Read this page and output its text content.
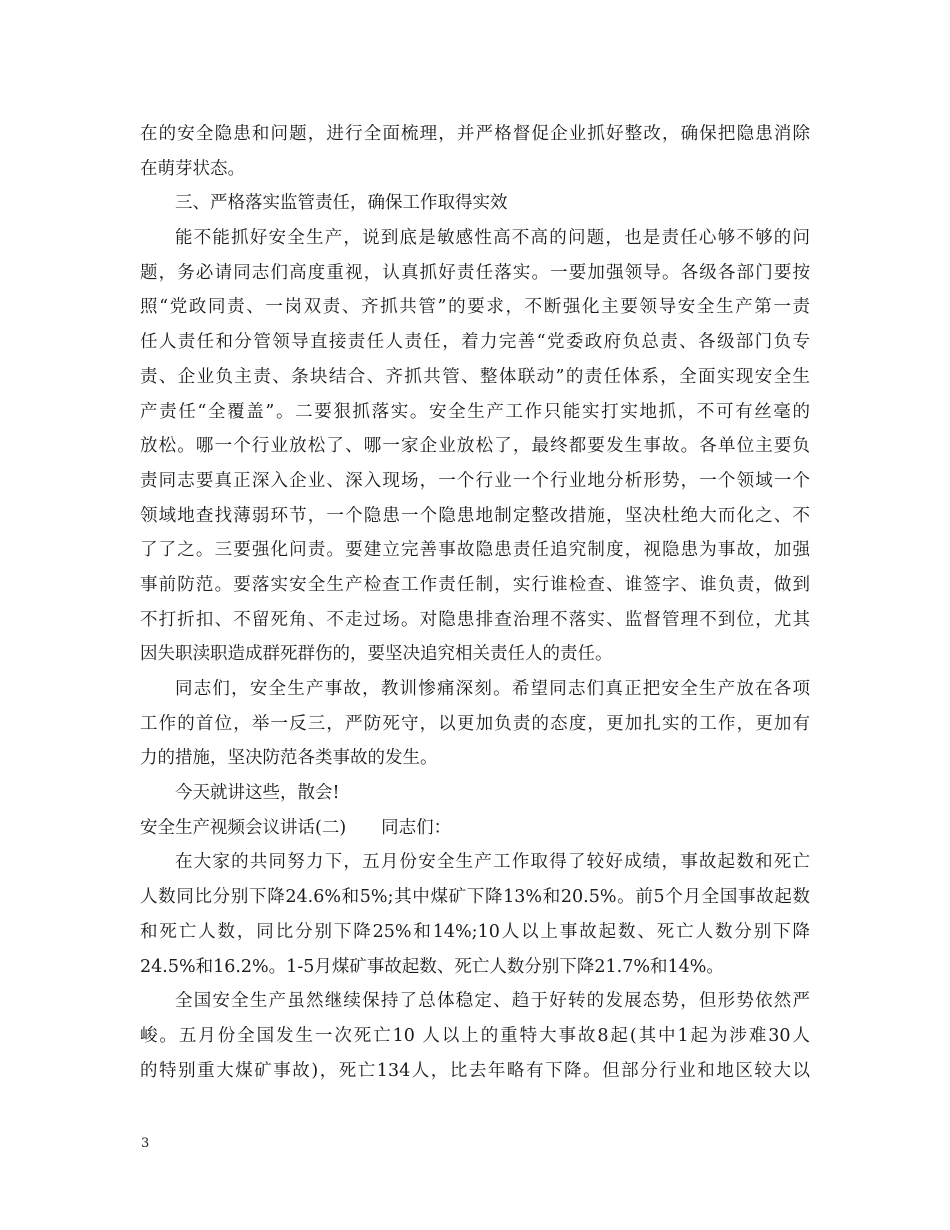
在的安全隐患和问题，进行全面梳理，并严格督促企业抓好整改，确保把隐患消除
在萌芽状态。
三、严格落实监管责任，确保工作取得实效
能不能抓好安全生产，说到底是敏感性高不高的问题，也是责任心够不够的问
题，务必请同志们高度重视，认真抓好责任落实。一要加强领导。各级各部门要按
照“党政同责、一岗双责、齐抓共管”的要求，不断强化主要领导安全生产第一责
任人责任和分管领导直接责任人责任，着力完善“党委政府负总责、各级部门负专
责、企业负主责、条块结合、齐抓共管、整体联动”的责任体系，全面实现安全生
产责任“全覆盖”。二要狠抓落实。安全生产工作只能实打实地抓，不可有丝毫的
放松。哪一个行业放松了、哪一家企业放松了，最终都要发生事故。各单位主要负
责同志要真正深入企业、深入现场，一个行业一个行业地分析形势，一个领域一个
领域地查找薄弱环节，一个隐患一个隐患地制定整改措施，坚决杜绝大而化之、不
了了之。三要强化问责。要建立完善事故隐患责任追究制度，视隐患为事故，加强
事前防范。要落实安全生产检查工作责任制，实行谁检查、谁签字、谁负责，做到
不打折扣、不留死角、不走过场。对隐患排查治理不落实、监督管理不到位，尤其
因失职渎职造成群死群伤的，要坚决追究相关责任人的责任。
同志们，安全生产事故，教训惨痛深刻。希望同志们真正把安全生产放在各项
工作的首位，举一反三，严防死守，以更加负责的态度，更加扎实的工作，更加有
力的措施，坚决防范各类事故的发生。
今天就讲这些，散会!
安全生产视频会议讲话(二)　　同志们：
在大家的共同努力下，五月份安全生产工作取得了较好成绩，事故起数和死亡
人数同比分别下降24.6%和5%;其中煤矿下降13%和20.5%。前5个月全国事故起数
和死亡人数，同比分别下降25%和14%;10人以上事故起数、死亡人数分别下降
24.5%和16.2%。1-5月煤矿事故起数、死亡人数分别下降21.7%和14%。
全国安全生产虽然继续保持了总体稳定、趋于好转的发展态势，但形势依然严
峻。五月份全国发生一次死亡10 人以上的重特大事故8起(其中1起为涉难30人
的特别重大煤矿事故)，死亡134人，比去年略有下降。但部分行业和地区较大以
3
